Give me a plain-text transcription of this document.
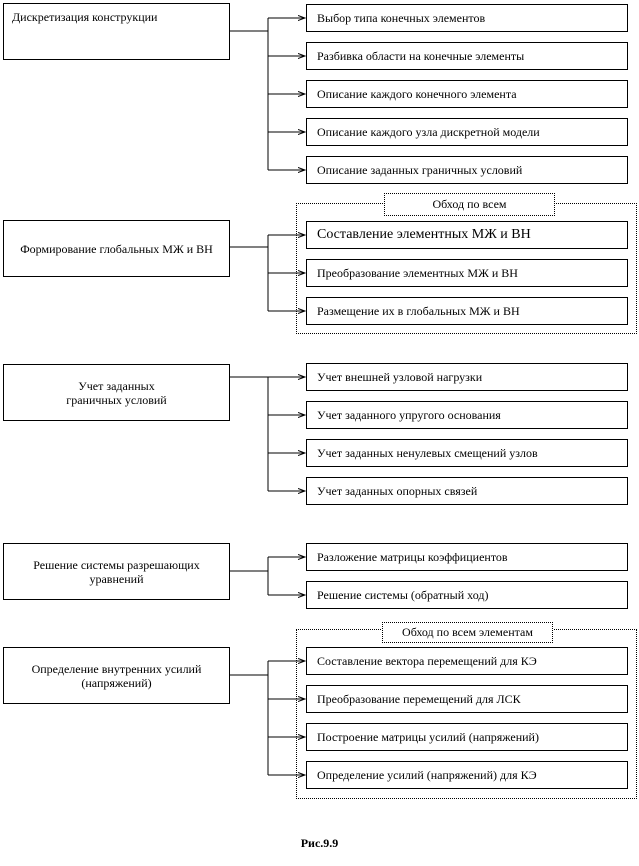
Дискретизация конструкции	Выбор типа конечных элементов
Разбивка области на конечные элементы
Описание каждого конечного элемента
Описание каждого узла дискретной модели
Описание заданных граничных условий
Обход по всем
Формирование глобальных МЖ и ВН
Составление элементных МЖ и ВН
Преобразование элементных МЖ и ВН
Размещение их в глобальных МЖ и ВН
Учет заданных граничных условий
Учет внешней узловой нагрузки
Учет заданного упругого основания
Учет заданных ненулевых смещений узлов
Учет заданных опорных связей
Решение системы разрешающих уравнений
Разложение матрицы коэффициентов
Решение системы (обратный ход)
Обход по всем элементам
Определение внутренних усилий (напряжений)
Составление вектора перемещений для КЭ
Преобразование перемещений для ЛСК
Построение матрицы усилий (напряжений)
Определение усилий (напряжений) для КЭ
Рис.9.9
